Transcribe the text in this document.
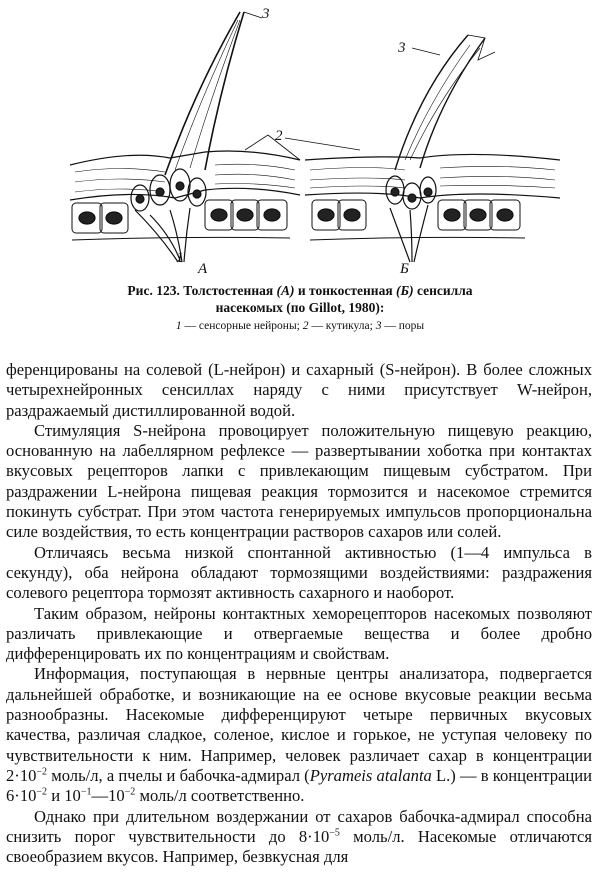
3
2
1
А
3
Б
Рис. 123. Толстостенная (А) и тонкостенная (Б) сенсилла
насекомых (по Gillot, 1980):
1 — сенсорные нейроны; 2 — кутикула; 3 — поры

ференцированы на солевой (L-нейрон) и сахарный (S-нейрон). В более сложных четырехнейронных сенсиллах наряду с ними присутствует W-нейрон, раздражаемый дистиллированной водой.

Стимуляция S-нейрона провоцирует положительную пищевую реакцию, основанную на лабеллярном рефлексе — развертывании хоботка при контактах вкусовых рецепторов лапки с привлекающим пищевым субстратом. При раздражении L-нейрона пищевая реакция тормозится и насекомое стремится покинуть субстрат. При этом частота генерируемых импульсов пропорциональна силе воздействия, то есть концентрации растворов сахаров или солей.

Отличаясь весьма низкой спонтанной активностью (1—4 импульса в секунду), оба нейрона обладают тормозящими воздействиями: раздражения солевого рецептора тормозят активность сахарного и наоборот.

Таким образом, нейроны контактных хеморецепторов насекомых позволяют различать привлекающие и отвергаемые вещества и более дробно дифференцировать их по концентрациям и свойствам.

Информация, поступающая в нервные центры анализатора, подвергается дальнейшей обработке, и возникающие на ее основе вкусовые реакции весьма разнообразны. Насекомые дифференцируют четыре первичных вкусовых качества, различая сладкое, соленое, кислое и горькое, не уступая человеку по чувствительности к ним. Например, человек различает сахар в концентрации $2\cdot 10^{-2}$ моль/л, а пчелы и бабочка-адмирал (Pyrameis atalanta L.) — в концентрации $6\cdot 10^{-2}$ и $10^{-1}—10^{-2}$ моль/л соответственно.

Однако при длительном воздержании от сахаров бабочка-адмирал способна снизить порог чувствительности до $8\cdot 10^{-5}$ моль/л. Насекомые отличаются своеобразием вкусов. Например, безвкусная для
